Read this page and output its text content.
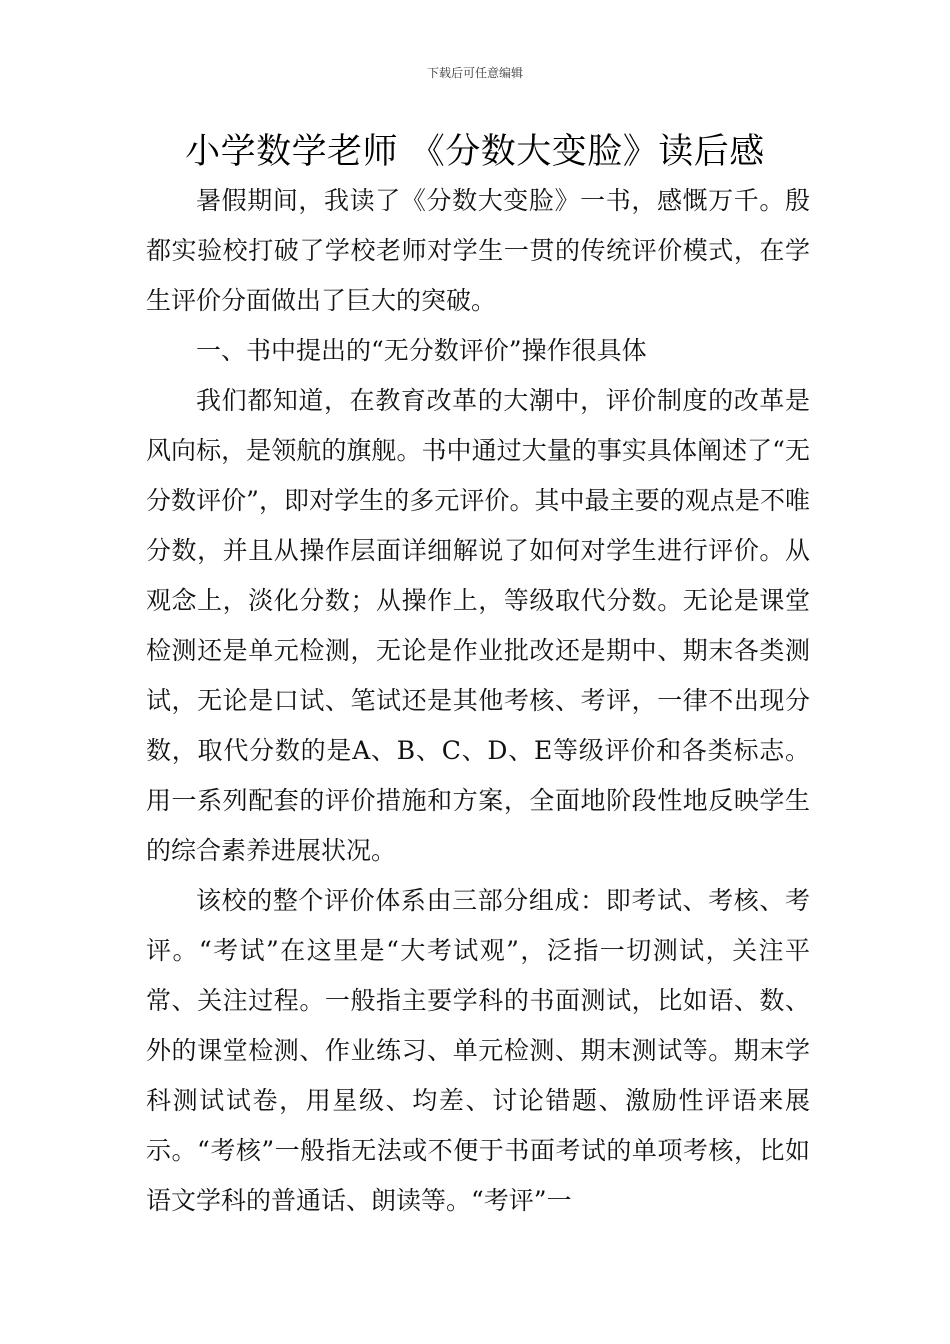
下载后可任意编辑
小学数学老师 《分数大变脸》读后感

暑假期间，我读了《分数大变脸》一书，感慨万千。殷都实验校打破了学校老师对学生一贯的传统评价模式，在学生评价分面做出了巨大的突破。

一、书中提出的“无分数评价”操作很具体

我们都知道，在教育改革的大潮中，评价制度的改革是风向标，是领航的旗舰。书中通过大量的事实具体阐述了“无分数评价”，即对学生的多元评价。其中最主要的观点是不唯分数，并且从操作层面详细解说了如何对学生进行评价。从观念上，淡化分数；从操作上，等级取代分数。无论是课堂检测还是单元检测，无论是作业批改还是期中、期末各类测试，无论是口试、笔试还是其他考核、考评，一律不出现分数，取代分数的是A、B、C、D、E等级评价和各类标志。用一系列配套的评价措施和方案，全面地阶段性地反映学生的综合素养进展状况。

该校的整个评价体系由三部分组成：即考试、考核、考评。“考试”在这里是“大考试观”，泛指一切测试，关注平常、关注过程。一般指主要学科的书面测试，比如语、数、外的课堂检测、作业练习、单元检测、期末测试等。期末学科测试试卷，用星级、均差、讨论错题、激励性评语来展示。“考核”一般指无法或不便于书面考试的单项考核，比如语文学科的普通话、朗读等。“考评”一
